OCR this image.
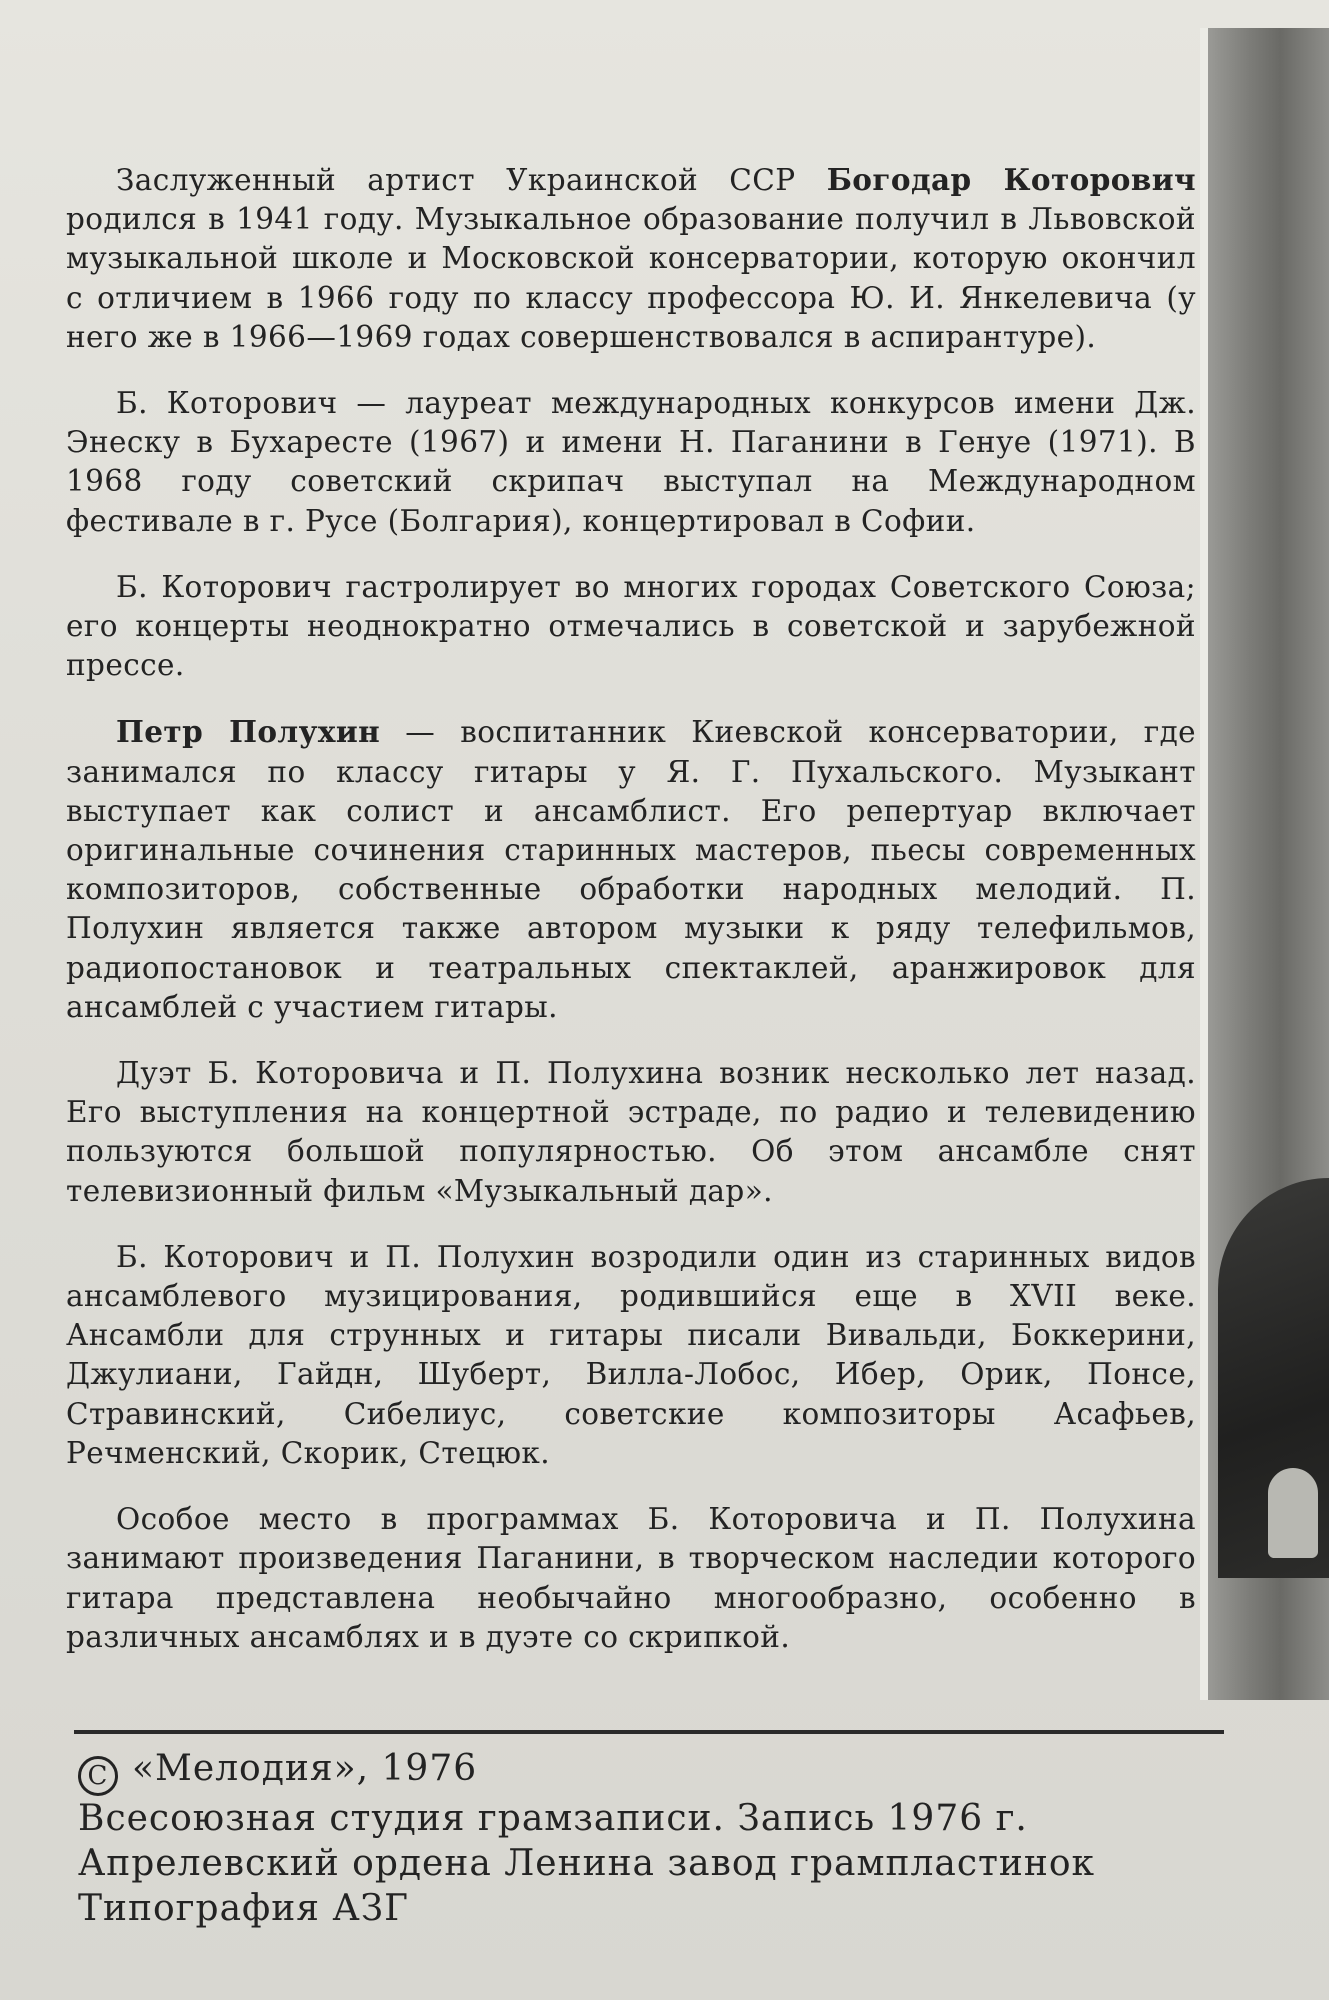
Заслуженный артист Украинской ССР Богодар Которович родился в 1941 году. Музыкальное образование получил в Львовской музыкальной школе и Московской консерватории, которую окончил с отличием в 1966 году по классу профессора Ю. И. Янкелевича (у него же в 1966—1969 годах совершенствовался в аспирантуре).

Б. Которович — лауреат международных конкурсов имени Дж. Энеску в Бухаресте (1967) и имени Н. Паганини в Генуе (1971). В 1968 году советский скрипач выступал на Международном фестивале в г. Русе (Болгария), концертировал в Софии.

Б. Которович гастролирует во многих городах Советского Союза; его концерты неоднократно отмечались в советской и зарубежной прессе.

Петр Полухин — воспитанник Киевской консерватории, где занимался по классу гитары у Я. Г. Пухальского. Музыкант выступает как солист и ансамблист. Его репертуар включает оригинальные сочинения старинных мастеров, пьесы современных композиторов, собственные обработки народных мелодий. П. Полухин является также автором музыки к ряду телефильмов, радиопостановок и театральных спектаклей, аранжировок для ансамблей с участием гитары.

Дуэт Б. Которовича и П. Полухина возник несколько лет назад. Его выступления на концертной эстраде, по радио и телевидению пользуются большой популярностью. Об этом ансамбле снят телевизионный фильм «Музыкальный дар».

Б. Которович и П. Полухин возродили один из старинных видов ансамблевого музицирования, родившийся еще в XVII веке. Ансамбли для струнных и гитары писали Вивальди, Боккерини, Джулиани, Гайдн, Шуберт, Вилла-Лобос, Ибер, Орик, Понсе, Стравинский, Сибелиус, советские композиторы Асафьев, Речменский, Скорик, Стецюк.

Особое место в программах Б. Которовича и П. Полухина занимают произведения Паганини, в творческом наследии которого гитара представлена необычайно многообразно, особенно в различных ансамблях и в дуэте со скрипкой.

C «Мелодия», 1976
Всесоюзная студия грамзаписи. Запись 1976 г.
Апрелевский ордена Ленина завод грампластинок
Типография АЗГ
